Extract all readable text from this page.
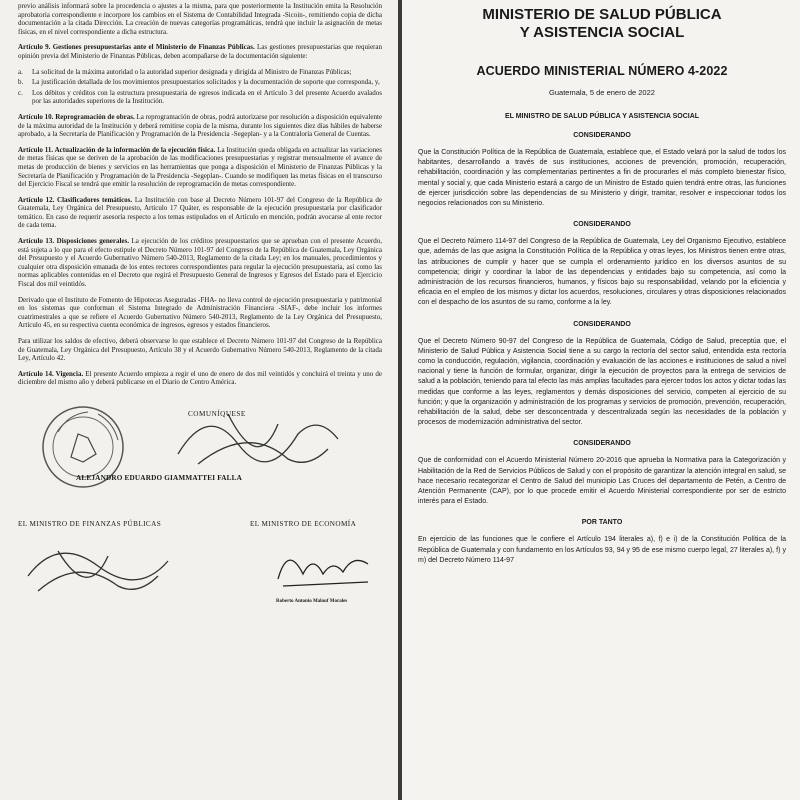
previo análisis informará sobre la procedencia o ajustes a la misma, para que posteriormente la Institución emita la Resolución aprobatoria correspondiente e incorpore los cambios en el Sistema de Contabilidad Integrada -Sicoin-, remitiendo copia de dicha documentación a la citada Dirección. La creación de nuevas categorías programáticas, tendrá que incluir la asignación de metas físicas, en el nivel correspondiente a dicha estructura.

Artículo 9. Gestiones presupuestarias ante el Ministerio de Finanzas Públicas. Las gestiones presupuestarias que requieran opinión previa del Ministerio de Finanzas Públicas, deben acompañarse de la documentación siguiente:

a.	La solicitud de la máxima autoridad o la autoridad superior designada y dirigida al Ministro de Finanzas Públicas;
b.	La justificación detallada de los movimientos presupuestarios solicitados y la documentación de soporte que corresponda, y,
c.	Los débitos y créditos con la estructura presupuestaria de egresos indicada en el Artículo 3 del presente Acuerdo avalados por las autoridades superiores de la Institución.

Artículo 10. Reprogramación de obras. La reprogramación de obras, podrá autorizarse por resolución a disposición equivalente de la máxima autoridad de la Institución y deberá remitirse copia de la misma, durante los siguientes diez días hábiles de haberse aprobado, a la Secretaría de Planificación y Programación de la Presidencia -Segeplan- y a la Contraloría General de Cuentas.

Artículo 11. Actualización de la información de la ejecución física. La Institución queda obligada en actualizar las variaciones de metas físicas que se deriven de la aprobación de las modificaciones presupuestarias y registrar mensualmente el avance de metas de producción de bienes y servicios en las herramientas que ponga a disposición el Ministerio de Finanzas Públicas y la Secretaría de Planificación y Programación de la Presidencia -Segeplan-. Cuando se modifiquen las metas físicas en el transcurso del Ejercicio Fiscal se tendrá que emitir la resolución de reprogramación de metas correspondiente.

Artículo 12. Clasificadores temáticos. La Institución con base al Decreto Número 101-97 del Congreso de la República de Guatemala, Ley Orgánica del Presupuesto, Artículo 17 Quáter, es responsable de la ejecución presupuestaria por clasificador temático. En caso de requerir asesoría respecto a los temas estipulados en el Artículo en mención, podrán avocarse al ente rector de cada tema.

Artículo 13. Disposiciones generales. La ejecución de los créditos presupuestarios que se aprueban con el presente Acuerdo, está sujeta a lo que para el efecto estipule el Decreto Número 101-97 del Congreso de la República de Guatemala, Ley Orgánica del Presupuesto y el Acuerdo Gubernativo Número 540-2013, Reglamento de la citada Ley; en los manuales, procedimientos y cualquier otra disposición emanada de los entes rectores correspondientes para regular la ejecución presupuestaria, así como las normas aplicables contenidas en el Decreto que regirá el Presupuesto General de Ingresos y Egresos del Estado para el Ejercicio Fiscal dos mil veintidós.

Derivado que el Instituto de Fomento de Hipotecas Aseguradas -FHA- no lleva control de ejecución presupuestaria y patrimonial en los sistemas que conforman el Sistema Integrado de Administración Financiera -SIAF-, debe incluir los informes cuatrimestrales a que se refiere el Acuerdo Gubernativo Número 540-2013, Reglamento de la Ley Orgánica del Presupuesto, Artículo 45, en su respectiva cuenta económica de ingresos, egresos y estados financieros.

Para utilizar los saldos de efectivo, deberá observarse lo que establece el Decreto Número 101-97 del Congreso de la República de Guatemala, Ley Orgánica del Presupuesto, Artículo 38 y el Acuerdo Gubernativo Número 540-2013, Reglamento de la citada Ley, Artículo 42.

Artículo 14. Vigencia. El presente Acuerdo empieza a regir el uno de enero de dos mil veintidós y concluirá el treinta y uno de diciembre del mismo año y deberá publicarse en el Diario de Centro América.

COMUNÍQUESE
ALEJANDRO EDUARDO GIAMMATTEI FALLA
EL MINISTRO DE FINANZAS PÚBLICAS	EL MINISTRO DE ECONOMÍA
Roberto Antonio Malouf Morales

MINISTERIO DE SALUD PÚBLICA

Y ASISTENCIA SOCIAL

ACUERDO MINISTERIAL NÚMERO 4-2022

Guatemala, 5 de enero de 2022

EL MINISTRO DE SALUD PÚBLICA Y ASISTENCIA SOCIAL

CONSIDERANDO

Que la Constitución Política de la República de Guatemala, establece que, el Estado velará por la salud de todos los habitantes, desarrollando a través de sus instituciones, acciones de prevención, promoción, recuperación, rehabilitación, coordinación y las complementarias pertinentes a fin de procurarles el más completo bienestar físico, mental y social y, que cada Ministerio estará a cargo de un Ministro de Estado quien tendrá entre otras, las funciones de ejercer jurisdicción sobre las dependencias de su Ministerio y dirigir, tramitar, resolver e inspeccionar todos los negocios relacionados con su Ministerio.

CONSIDERANDO

Que el Decreto Número 114-97 del Congreso de la República de Guatemala, Ley del Organismo Ejecutivo, establece que, además de las que asigna la Constitución Política de la República y otras leyes, los Ministros tienen entre otras, las atribuciones de cumplir y hacer que se cumpla el ordenamiento jurídico en los diversos asuntos de su competencia; dirigir y coordinar la labor de las dependencias y entidades bajo su competencia, así como la administración de los recursos financieros, humanos, y físicos bajo su responsabilidad, velando por la eficiencia y eficacia en el empleo de los mismos y dictar los acuerdos, resoluciones, circulares y otras disposiciones relacionados con el despacho de los asuntos de su ramo, conforme a la ley.

CONSIDERANDO

Que el Decreto Número 90-97 del Congreso de la República de Guatemala, Código de Salud, preceptúa que, el Ministerio de Salud Pública y Asistencia Social tiene a su cargo la rectoría del sector salud, entendida esta rectoría como la conducción, regulación, vigilancia, coordinación y evaluación de las acciones e instituciones de salud a nivel nacional y tiene la función de formular, organizar, dirigir la ejecución de proyectos para la entrega de servicios de salud a la población, teniendo para tal efecto las más amplias facultades para ejercer todos los actos y dictar todas las medidas que conforme a las leyes, reglamentos y demás disposiciones del servicio, competen al ejercicio de su función; y que la organización y administración de los programas y servicios de promoción, prevención, recuperación, rehabilitación de la salud, debe ser desconcentrada y descentralizada según las necesidades de la población y procesos de modernización administrativa del sector.

CONSIDERANDO

Que de conformidad con el Acuerdo Ministerial Número 20-2016 que aprueba la Normativa para la Categorización y Habilitación de la Red de Servicios Públicos de Salud y con el propósito de garantizar la atención integral en salud, se hace necesario recategorizar el Centro de Salud del municipio Las Cruces del departamento de Petén, a Centro de Atención Permanente (CAP), por lo que procede emitir el Acuerdo Ministerial correspondiente por ser de estricto interés para el Estado.

POR TANTO

En ejercicio de las funciones que le confiere el Artículo 194 literales a), f) e i) de la Constitución Política de la República de Guatemala y con fundamento en los Artículos 93, 94 y 95 de ese mismo cuerpo legal, 27 literales a), f) y m) del Decreto Número 114-97
